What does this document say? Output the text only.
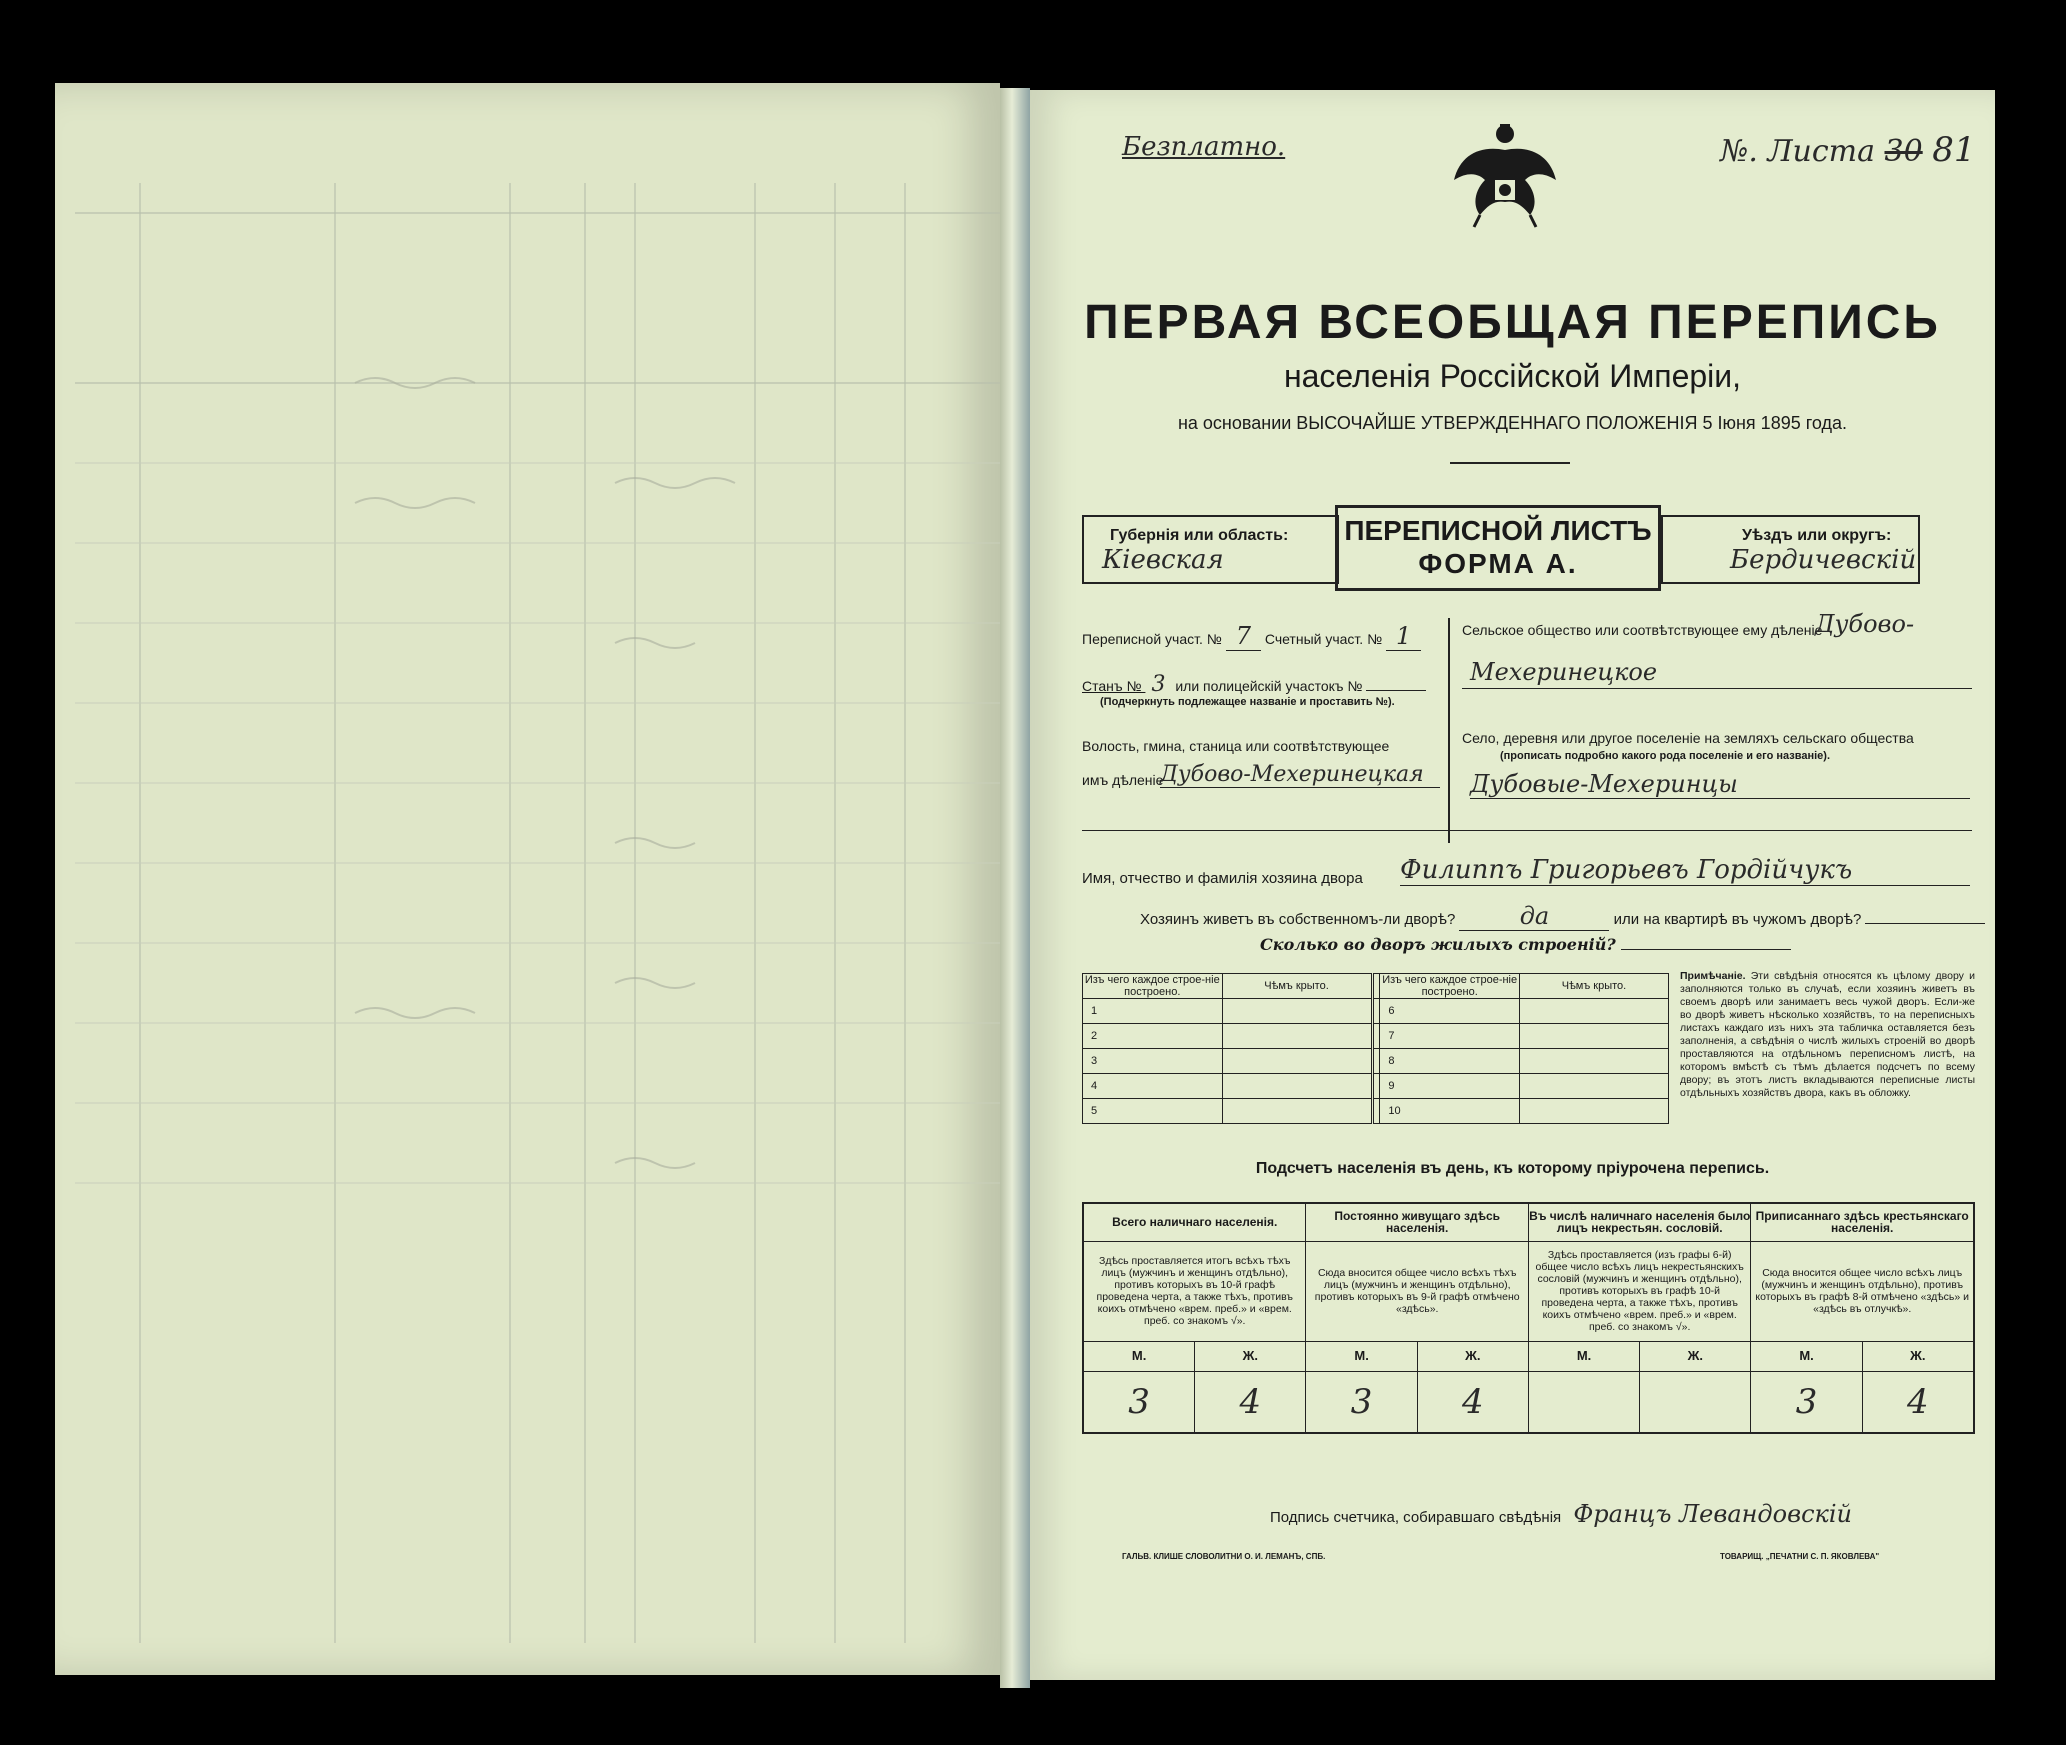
Безплатно.	№. Листа 30 81
ПЕРВАЯ ВСЕОБЩАЯ ПЕРЕПИСЬ
населенія Россійской Имперіи,
на основании ВЫСОЧАЙШЕ УТВЕРЖДЕННАГО ПОЛОЖЕНІЯ 5 Іюня 1895 года.
Губернія или область:
Кіевская
ПЕРЕПИСНОЙ ЛИСТЪ
ФОРМА А.
Уѣздъ или округъ:
Бердичевскій
Переписной участ. № 7 Счетный участ. № 1
Станъ № 3 или полицейскій участокъ №
(Подчеркнуть подлежащее названіе и проставить №).
Волость, гмина, станица или соотвѣтствующее
имъ дѣленіе
Дубово-Мехеринецкая
Сельское общество или соотвѣтствующее ему дѣленіе
Дубово-
Мехеринецкое
Село, деревня или другое поселеніе на земляхъ сельскаго общества
(прописать подробно какого рода поселеніе и его названіе).
Дубовые-Мехеринцы
Имя, отчество и фамилія хозяина двора Филиппъ Григорьевъ Гордійчукъ
Хозяинъ живетъ въ собственномъ-ли дворѣ?	да	или на квартирѣ въ чужомъ дворѣ?
Сколько во дворъ жилыхъ строеній?
Изъ чего каждое строе-ніе построено.	Чѣмъ крыто.		Изъ чего каждое строе-ніе построено.	Чѣмъ крыто.
1			6	
2			7	
3			8	
4			9	
5			10	
Примѣчаніе. Эти свѣдѣнія относятся къ цѣлому двору и заполняются только въ случаѣ, если хозяинъ живетъ въ своемъ дворѣ или занимаетъ весь чужой дворъ. Если-же во дворѣ живетъ нѣсколько хозяйствъ, то на переписныхъ листахъ каждаго изъ нихъ эта табличка оставляется безъ заполненія, а свѣдѣнія о числѣ жилыхъ строеній во дворѣ проставляются на отдѣльномъ переписномъ листѣ, на которомъ вмѣстѣ съ тѣмъ дѣлается подсчетъ по всему двору; въ этотъ листъ вкладываются переписные листы отдѣльныхъ хозяйствъ двора, какъ въ обложку.
Подсчетъ населенія въ день, къ которому пріурочена перепись.
Всего наличнаго населенія.		Постоянно живущаго здѣсь населенія.		Въ числѣ наличнаго населенія было лицъ некрестьян. сословій.		Приписаннаго здѣсь крестьянскаго населенія.	
Здѣсь проставляется итогъ всѣхъ тѣхъ лицъ (мужчинъ и женщинъ отдѣльно), противъ которыхъ въ 10-й графѣ проведена черта, а также тѣхъ, противъ коихъ отмѣчено «врем. преб.» и «врем. преб. со знакомъ √».		Сюда вносится общее число всѣхъ тѣхъ лицъ (мужчинъ и женщинъ отдѣльно), противъ которыхъ въ 9-й графѣ отмѣчено «здѣсь».		Здѣсь проставляется (изъ графы 6-й) общее число всѣхъ лицъ некрестьянскихъ сословій (мужчинъ и женщинъ отдѣльно), противъ которыхъ въ графѣ 10-й проведена черта, а также тѣхъ, противъ коихъ отмѣчено «врем. преб.» и «врем. преб. со знакомъ √».		Сюда вносится общее число всѣхъ лицъ (мужчинъ и женщинъ отдѣльно), противъ которыхъ въ графѣ 8-й отмѣчено «здѣсь» и «здѣсь въ отлучкѣ».	
М.	Ж.	М.	Ж.	М.	Ж.	М.	Ж.
3	4	3	4			3	4
Подпись счетчика, собиравшаго свѣдѣнія Францъ Левандовскій
ГАЛЬВ. КЛИШЕ СЛОВОЛИТНИ О. И. ЛЕМАНЪ, СПБ.	ТОВАРИЩ. „ПЕЧАТНИ С. П. ЯКОВЛЕВА"
